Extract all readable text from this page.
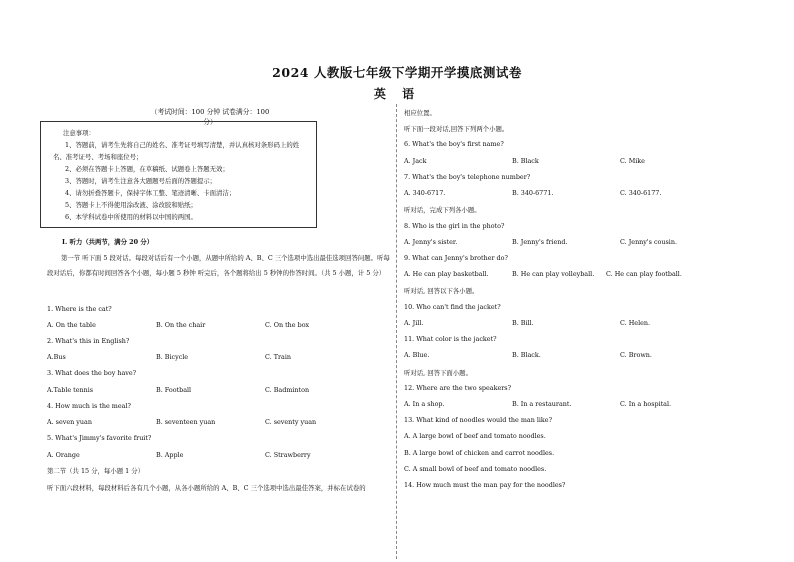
2024 人教版七年级下学期开学摸底测试卷
英 语
（考试时间：100 分钟 试卷满分：100 分）
注意事项：
1、答题前，请考生先将自己的姓名、准考证号填写清楚，并认真核对条形码上的姓
名、准考证号、考场和座位号；
2、必须在答题卡上答题，在草稿纸、试题卷上答题无效；
3、答题时，请考生注意各大题题号后面的答题提示；
4、请勿折叠答题卡，保持字体工整、笔迹清晰、卡面清洁；
5、答题卡上不得使用涂改液、涂改胶和贴纸；
6、本学科试卷中所使用的材料以中国的两国。
Ⅰ. 听力（共两节，满分 20 分）
第一节 听下面 5 段对话。每段对话后有一个小题，从题中所给的 A、B、C 三个选项中选出最佳选项回答问题。听每段对话后，你都有时间回答各个小题，每小题 5 秒钟 听完后，各个题将给出 5 秒钟的作答时间。（共 5 小题，计 5 分）
1. Where is the cat?
A. On the table	B. On the chair	C. On the box
2. What's this in English?
A.Bus	B. Bicycle	C. Train
3. What does the boy have?
A.Table tennis	B. Football	C. Badminton
4. How much is the meal?
A. seven yuan	B. seventeen yuan	C. seventy yuan
5. What's Jimmy's favorite fruit?
A. Orange	B. Apple	C. Strawberry
第二节（共 15 分，每小题 1 分）
听下面六段材料，每段材料后各有几个小题，从各小题所给的 A、B、C 三个选项中选出最佳答案，并标在试卷的
相应位置。
听下面一段对话,回答下列两个小题。
6. What's the boy's first name?
A. Jack	B. Black	C. Mike
7. What's the boy's telephone number?
A. 340-6717.	B. 340-6771.	C. 340-6177.
听对话，完成下列各小题。
8. Who is the girl in the photo?
A. Jenny's sister.	B. Jenny's friend.	C. Jenny's cousin.
9. What can Jenny's brother do?
A. He can play basketball.	B. He can play volleyball. C. He can play football.
听对话, 回答以下各小题。
10. Who can't find the jacket?
A. Jill.	B. Bill.	C. Helen.
11. What color is the jacket?
A. Blue.	B. Black.	C. Brown.
听对话, 回答下面小题。
12. Where are the two speakers?
A. In a shop.	B. In a restaurant.	C. In a hospital.
13. What kind of noodles would the man like?
A. A large bowl of beef and tomato noodles.
B. A large bowl of chicken and carrot noodles.
C. A small bowl of beef and tomato noodles.
14. How much must the man pay for the noodles?
